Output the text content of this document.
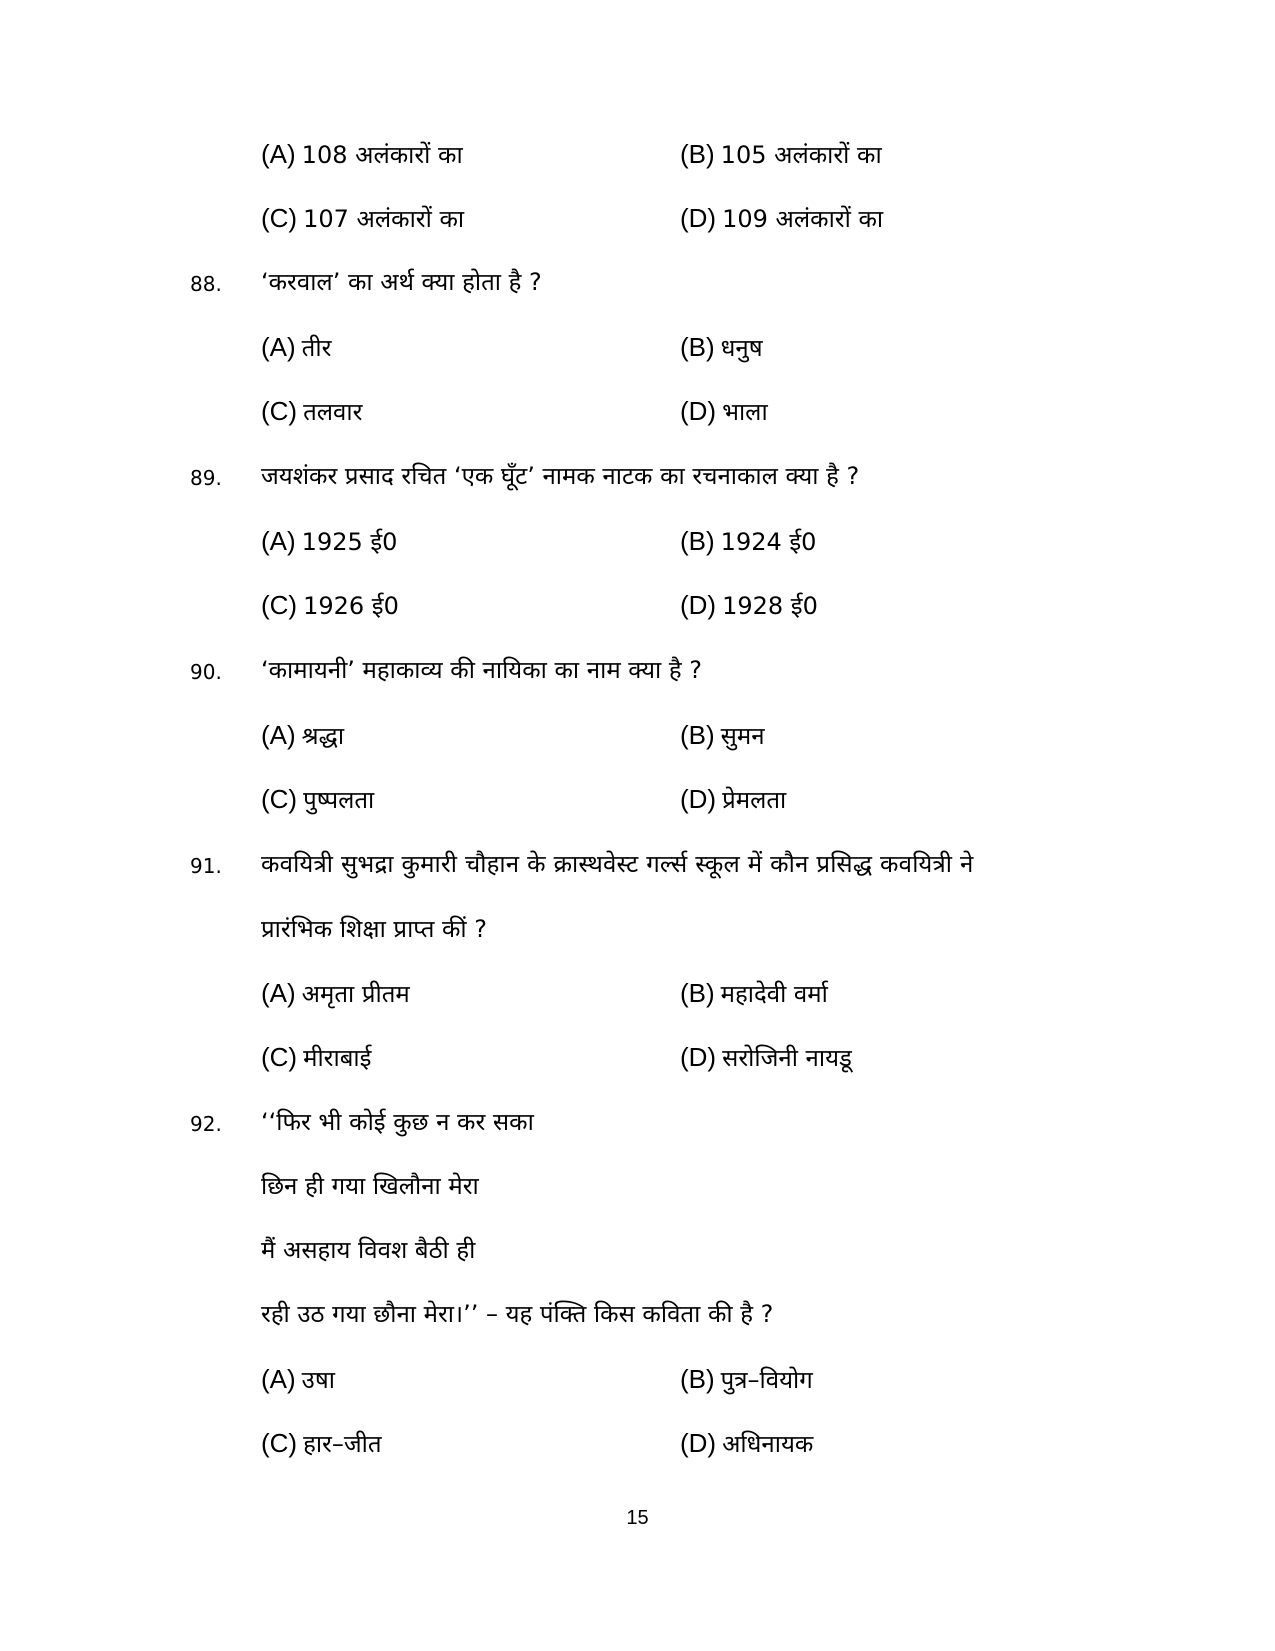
(A) 108 अलंकारों का	(B) 105 अलंकारों का
(C) 107 अलंकारों का	(D) 109 अलंकारों का
88. ‘करवाल’ का अर्थ क्या होता है ?
(A) तीर	(B) धनुष
(C) तलवार	(D) भाला
89. जयशंकर प्रसाद रचित ‘एक घूँट’ नामक नाटक का रचनाकाल क्या है ?
(A) 1925 ई0	(B) 1924 ई0
(C) 1926 ई0	(D) 1928 ई0
90. ‘कामायनी’ महाकाव्य की नायिका का नाम क्या है ?
(A) श्रद्धा	(B) सुमन
(C) पुष्पलता	(D) प्रेमलता
91. कवयित्री सुभद्रा कुमारी चौहान के क्रास्थवेस्ट गर्ल्स स्कूल में कौन प्रसिद्ध कवयित्री ने
प्रारंभिक शिक्षा प्राप्त कीं ?
(A) अमृता प्रीतम	(B) महादेवी वर्मा
(C) मीराबाई	(D) सरोजिनी नायडू
92. ‘‘फिर भी कोई कुछ न कर सका
छिन ही गया खिलौना मेरा
मैं असहाय विवश बैठी ही
रही उठ गया छौना मेरा।’’ – यह पंक्ति किस कविता की है ?
(A) उषा	(B) पुत्र–वियोग
(C) हार–जीत	(D) अधिनायक
15
